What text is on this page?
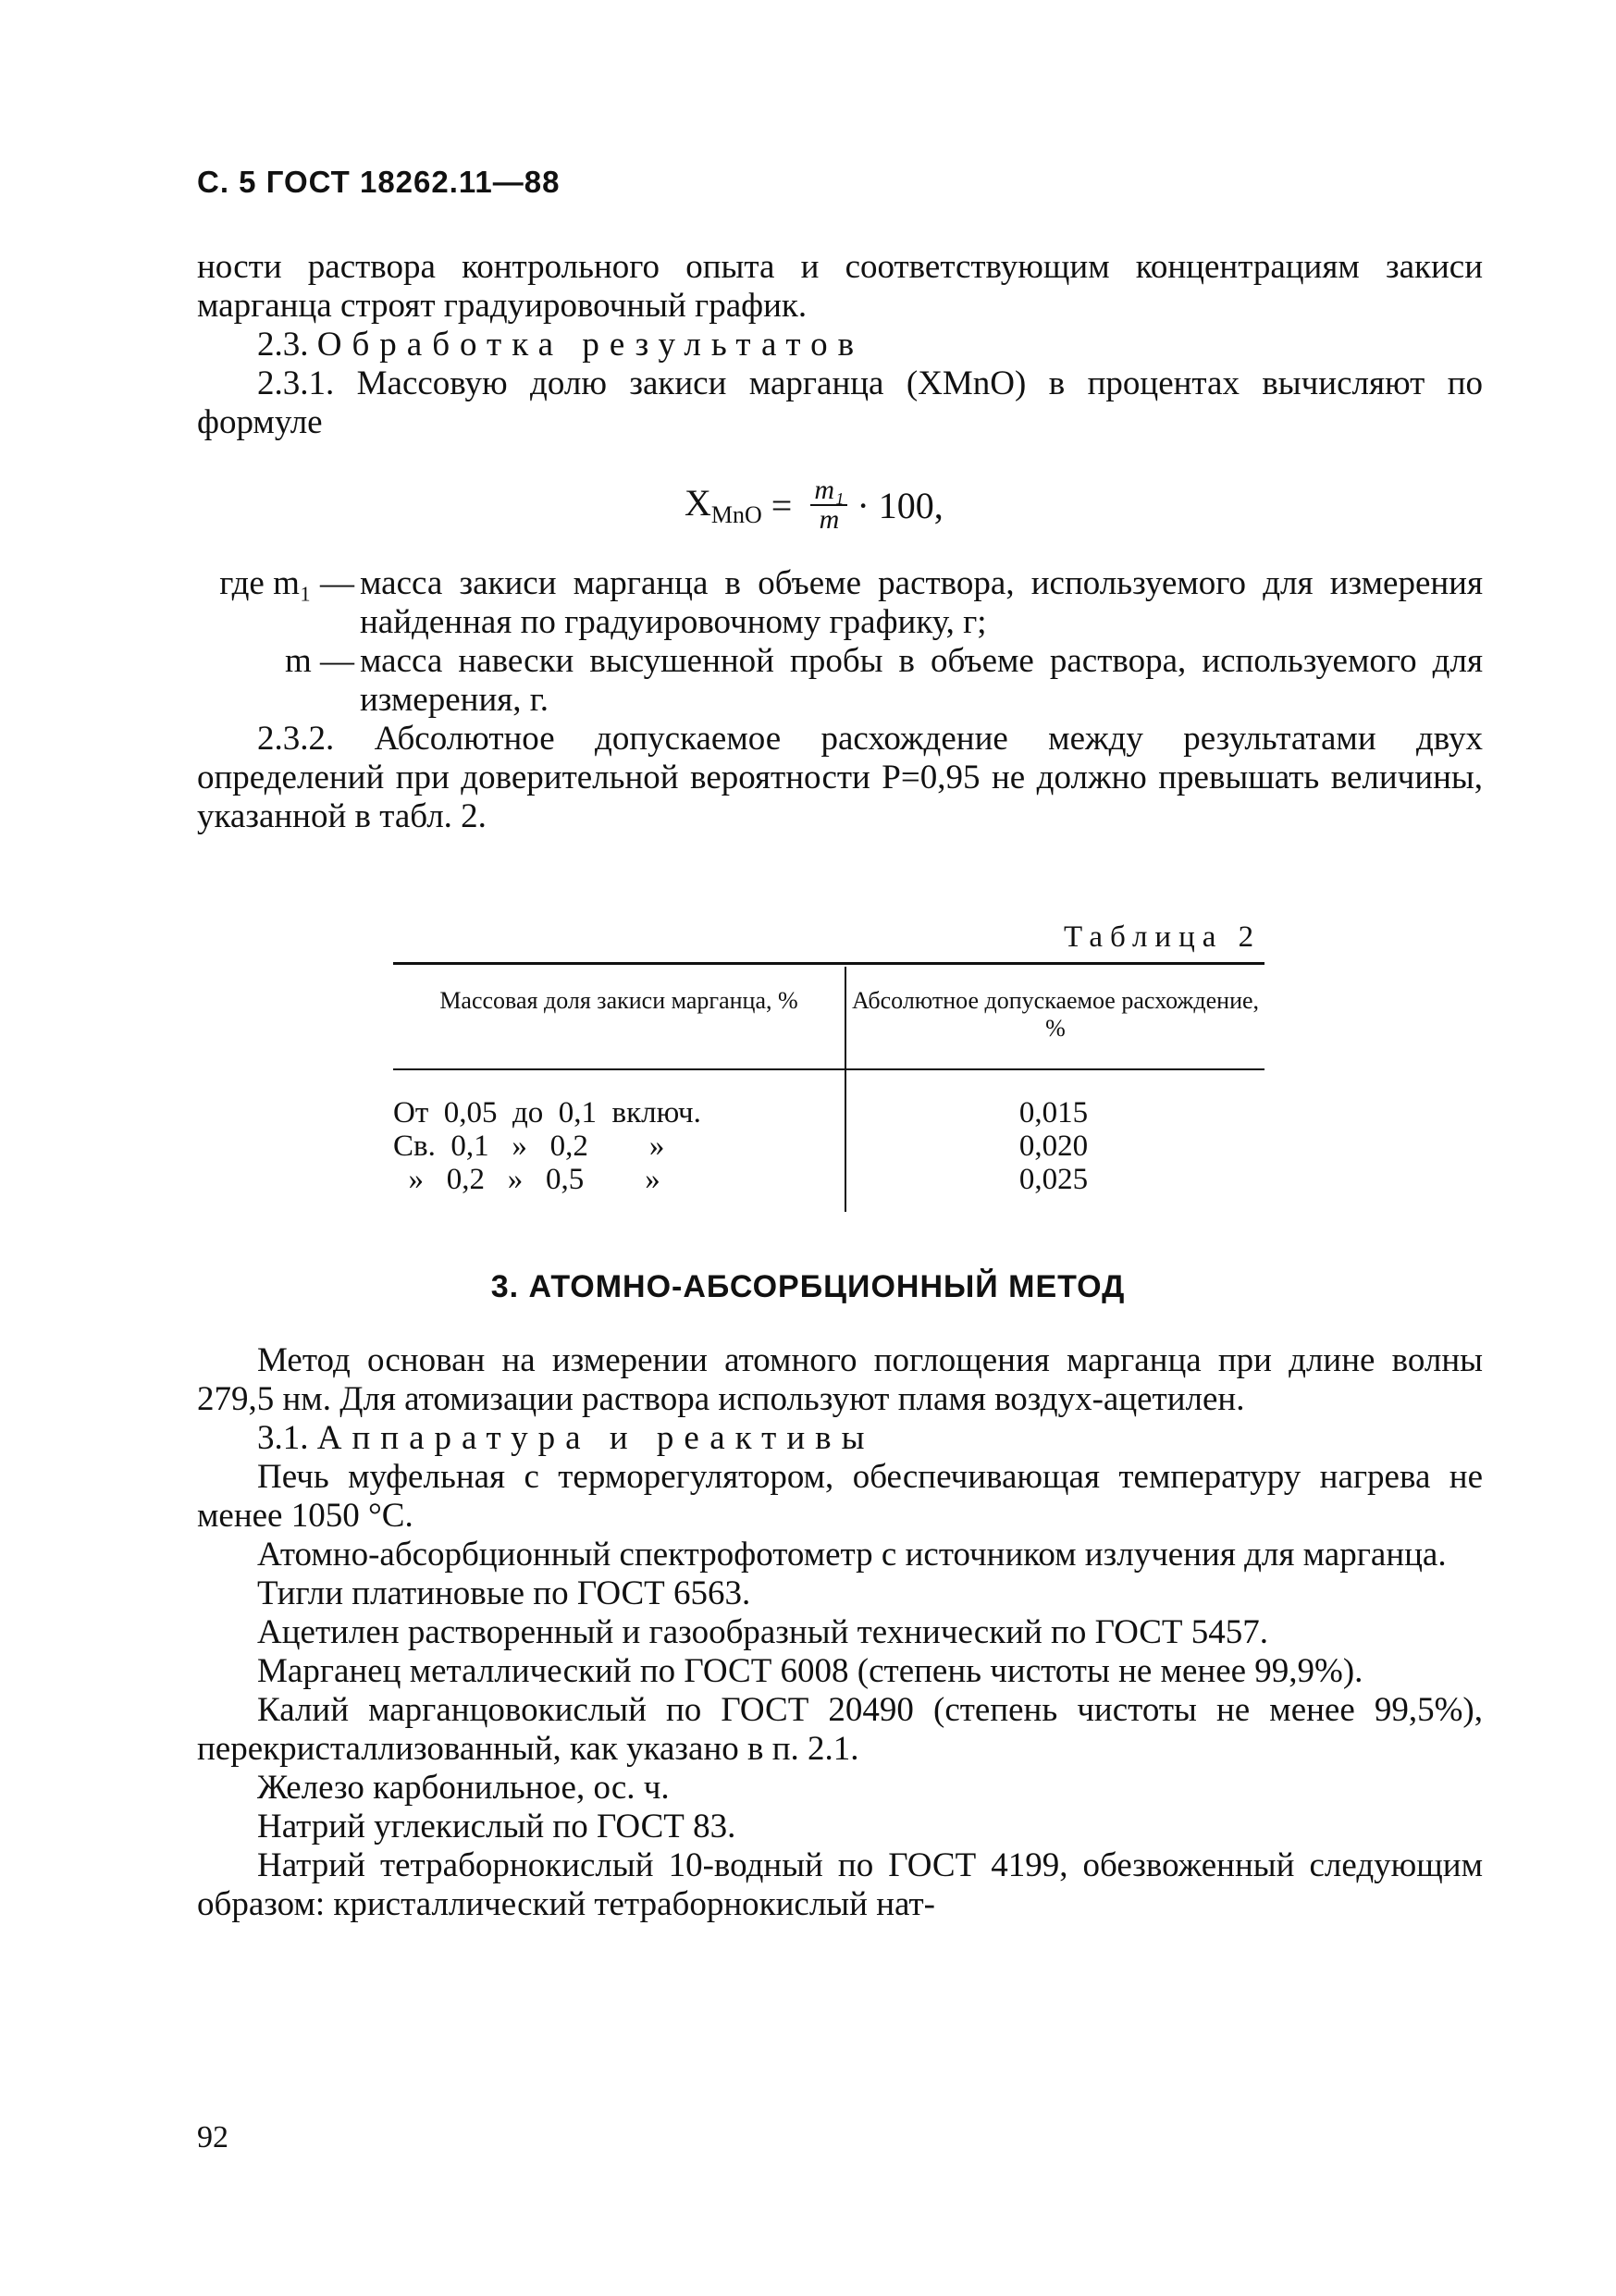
С. 5 ГОСТ 18262.11—88

ности раствора контрольного опыта и соответствующим концентрациям закиси марганца строят градуировочный график.

2.3. Обработка результатов

2.3.1. Массовую долю закиси марганца (XMnO) в процентах вычисляют по формуле

$X_{MnO} = \frac{\text{m₁}}{m} \cdot 100$,
где m₁ — масса закиси марганца в объеме раствора, используемого для измерения найденная по градуировочному графику, г;
m — масса навески высушенной пробы в объеме раствора, используемого для измерения, г.

2.3.2. Абсолютное допускаемое расхождение между результатами двух определений при доверительной вероятности P=0,95 не должно превышать величины, указанной в табл. 2.

Таблица 2
Массовая доля закиси марганца, %	Абсолютное допускаемое расхождение, %
От  0,05  до  0,1  включ.	0,015
Св.  0,1   »   0,2        »	0,020
»   0,2   »   0,5        »	0,025
3. АТОМНО-АБСОРБЦИОННЫЙ МЕТОД

Метод основан на измерении атомного поглощения марганца при длине волны 279,5 нм. Для атомизации раствора используют пламя воздух-ацетилен.

3.1. Аппаратура и реактивы

Печь муфельная с терморегулятором, обеспечивающая температуру нагрева не менее 1050 °С.

Атомно-абсорбционный спектрофотометр с источником излучения для марганца.

Тигли платиновые по ГОСТ 6563.

Ацетилен растворенный и газообразный технический по ГОСТ 5457.

Марганец металлический по ГОСТ 6008 (степень чистоты не менее 99,9%).

Калий марганцовокислый по ГОСТ 20490 (степень чистоты не менее 99,5%), перекристаллизованный, как указано в п. 2.1.

Железо карбонильное, ос. ч.

Натрий углекислый по ГОСТ 83.

Натрий тетраборнокислый 10-водный по ГОСТ 4199, обезвоженный следующим образом: кристаллический тетраборнокислый нат-

92
